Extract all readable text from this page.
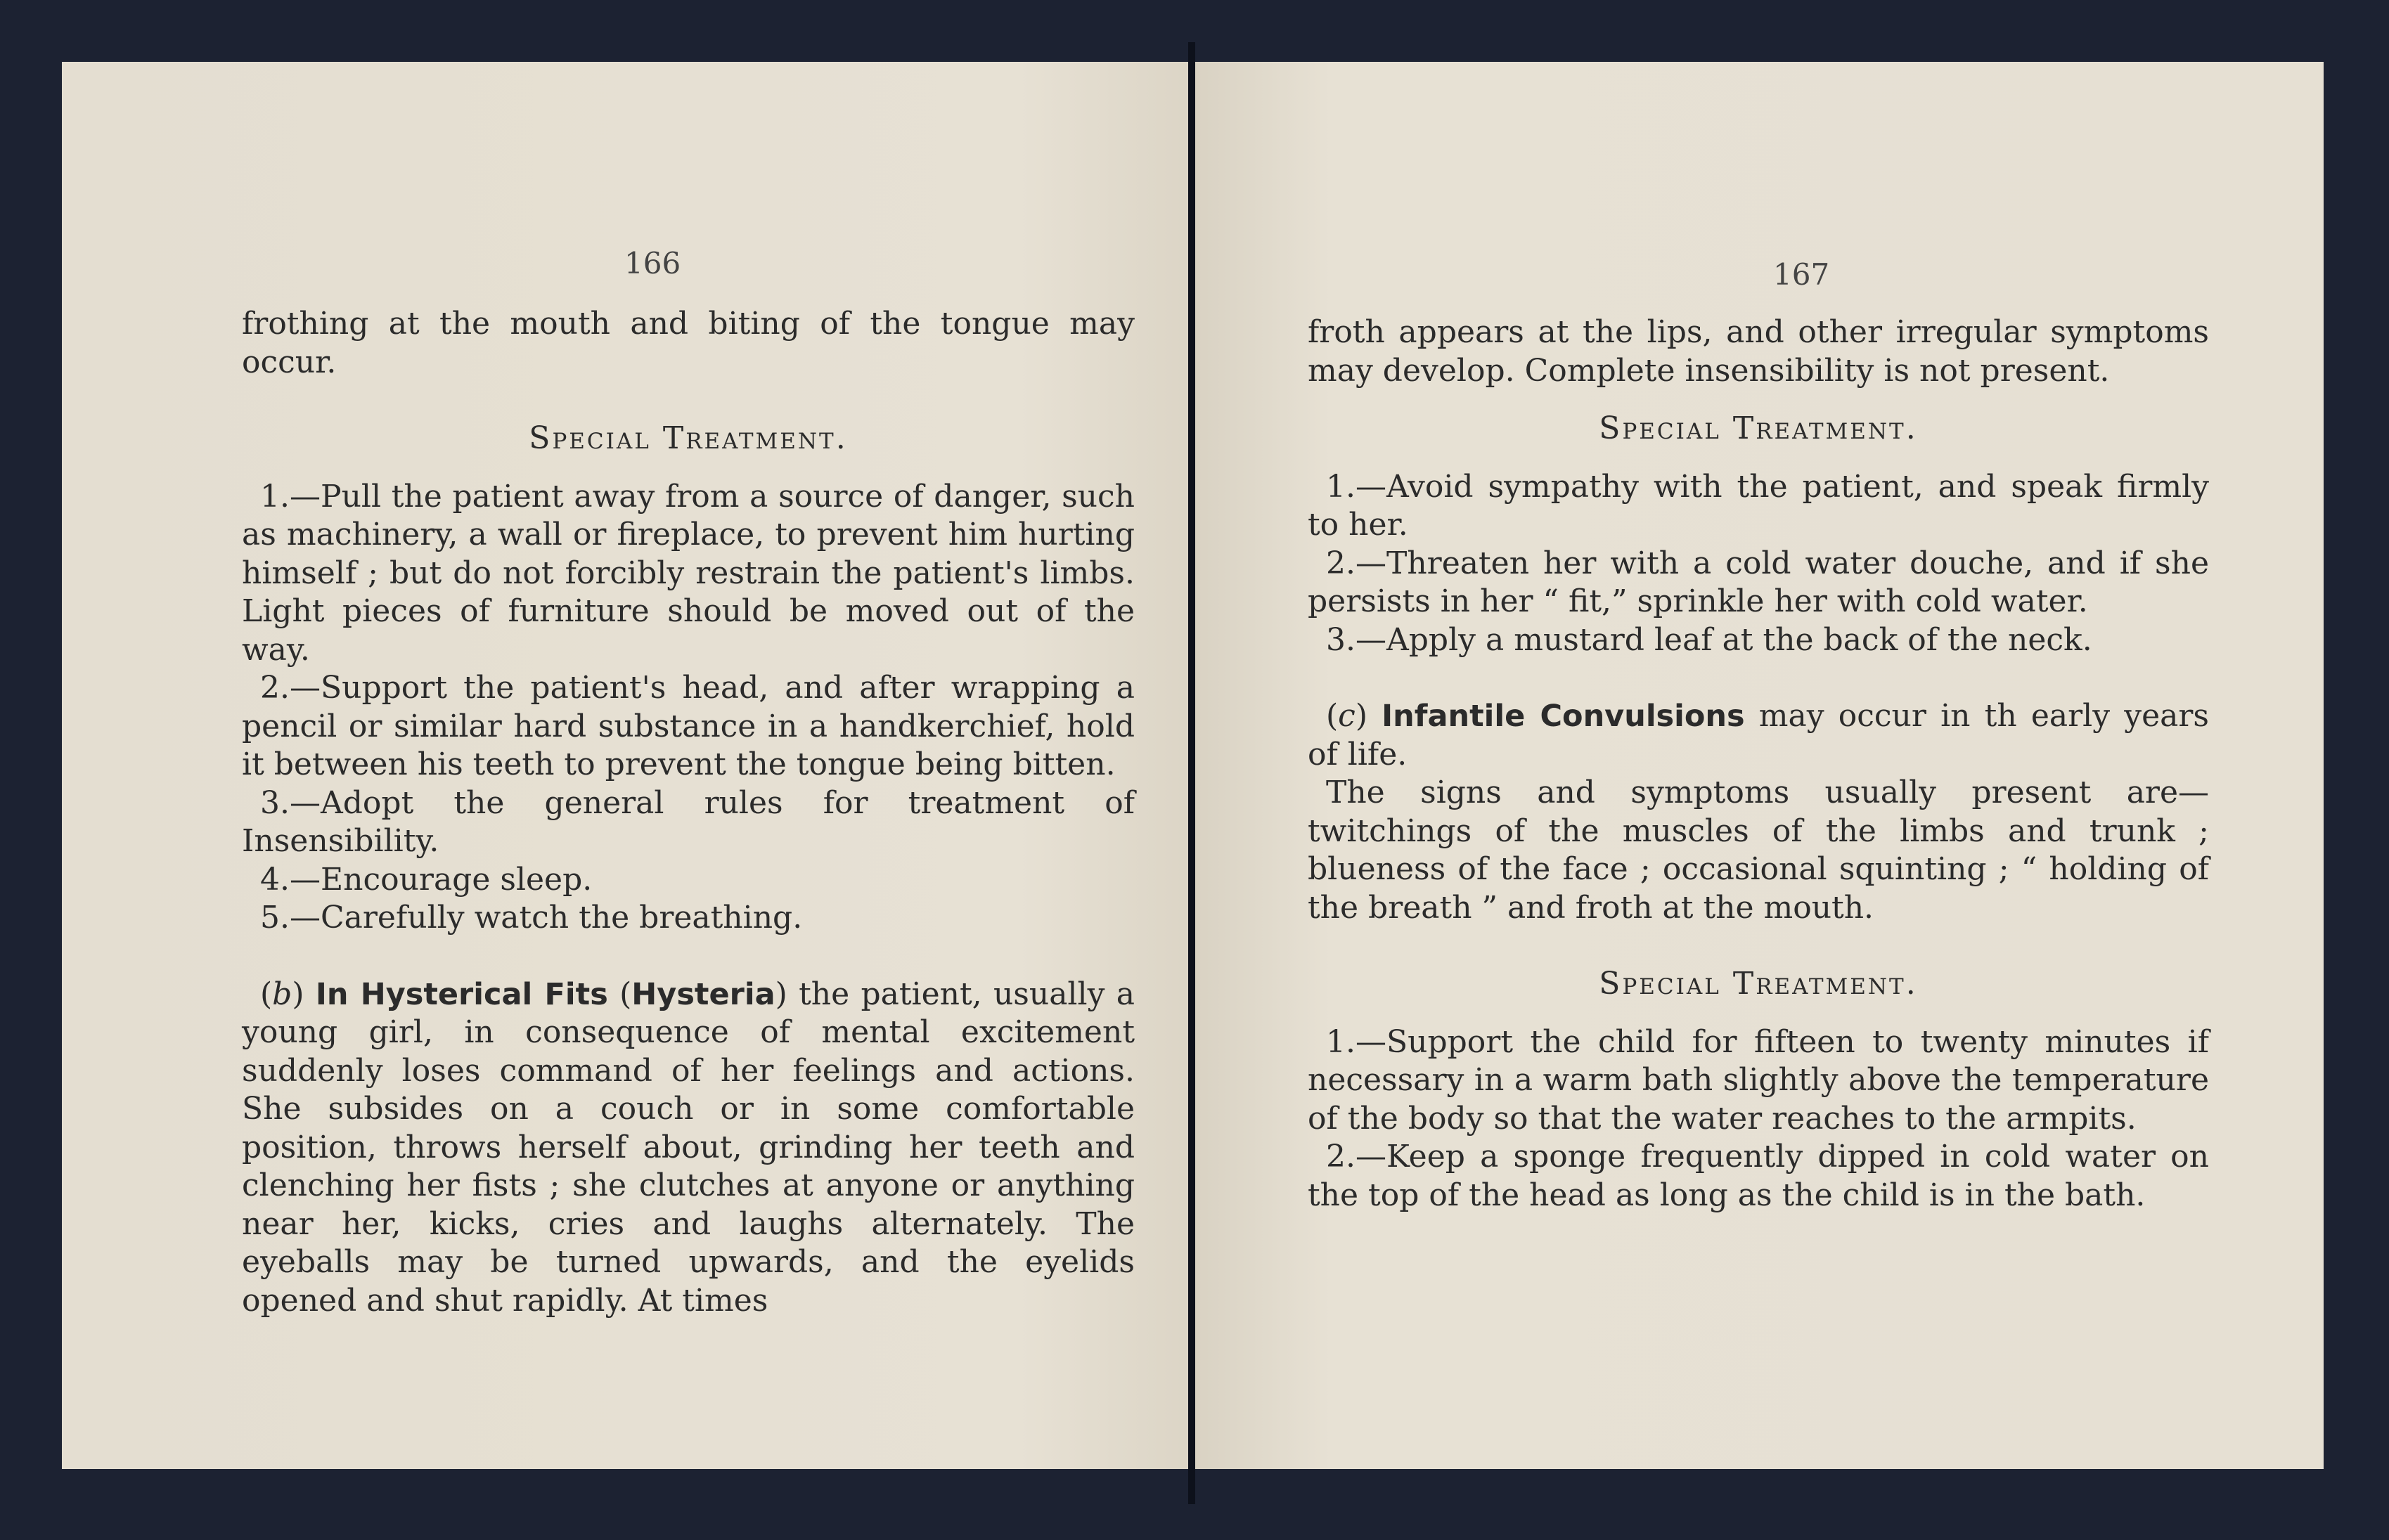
166

frothing at the mouth and biting of the tongue may occur.

Special Treatment.

1.—Pull the patient away from a source of danger, such as machinery, a wall or fireplace, to prevent him hurting himself ; but do not forcibly restrain the patient's limbs. Light pieces of furniture should be moved out of the way.

2.—Support the patient's head, and after wrapping a pencil or similar hard substance in a handkerchief, hold it between his teeth to prevent the tongue being bitten.

3.—Adopt the general rules for treatment of Insensibility.

4.—Encourage sleep.

5.—Carefully watch the breathing.

(b) In Hysterical Fits (Hysteria) the patient, usually a young girl, in consequence of mental excitement suddenly loses command of her feelings and actions. She subsides on a couch or in some comfortable position, throws herself about, grinding her teeth and clenching her fists ; she clutches at anyone or anything near her, kicks, cries and laughs alternately. The eyeballs may be turned upwards, and the eyelids opened and shut rapidly. At times

167

froth appears at the lips, and other irregular symptoms may develop. Complete insensibility is not present.

Special Treatment.

1.—Avoid sympathy with the patient, and speak firmly to her.

2.—Threaten her with a cold water douche, and if she persists in her “ fit,” sprinkle her with cold water.

3.—Apply a mustard leaf at the back of the neck.

(c) Infantile Convulsions may occur in th early years of life.

The signs and symptoms usually present are— twitchings of the muscles of the limbs and trunk ; blueness of the face ; occasional squinting ; “ holding of the breath ” and froth at the mouth.

Special Treatment.

1.—Support the child for fifteen to twenty minutes if necessary in a warm bath slightly above the temperature of the body so that the water reaches to the armpits.

2.—Keep a sponge frequently dipped in cold water on the top of the head as long as the child is in the bath.
